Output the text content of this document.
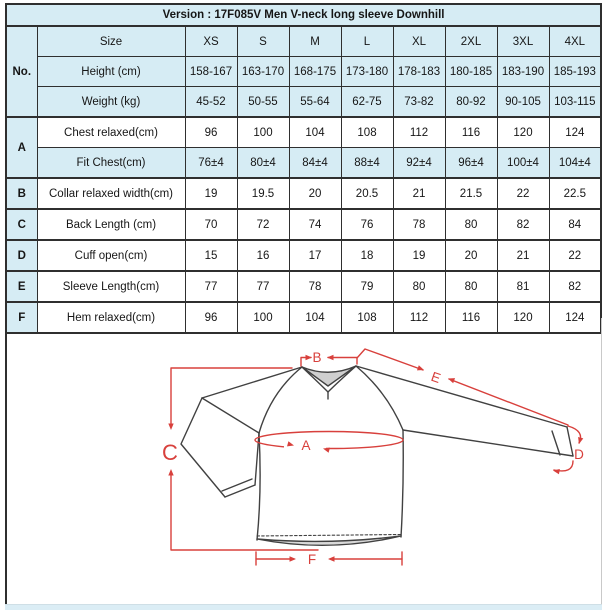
Version : 17F085V Men V-neck long sleeve Downhill									
No.	Size	XS	S	M	L	XL	2XL	3XL	4XL
	Height (cm)	158-167	163-170	168-175	173-180	178-183	180-185	183-190	185-193
	Weight (kg)	45-52	50-55	55-64	62-75	73-82	80-92	90-105	103-115
A	Chest relaxed(cm)	96	100	104	108	112	116	120	124
	Fit Chest(cm)	76±4	80±4	84±4	88±4	92±4	96±4	100±4	104±4
B	Collar relaxed width(cm)	19	19.5	20	20.5	21	21.5	22	22.5
C	Back Length (cm)	70	72	74	76	78	80	82	84
D	Cuff open(cm)	15	16	17	18	19	20	21	22
E	Sleeve Length(cm)	77	77	78	79	80	80	81	82
F	Hem relaxed(cm)	96	100	104	108	112	116	120	124
B
E
C	A
D
F
